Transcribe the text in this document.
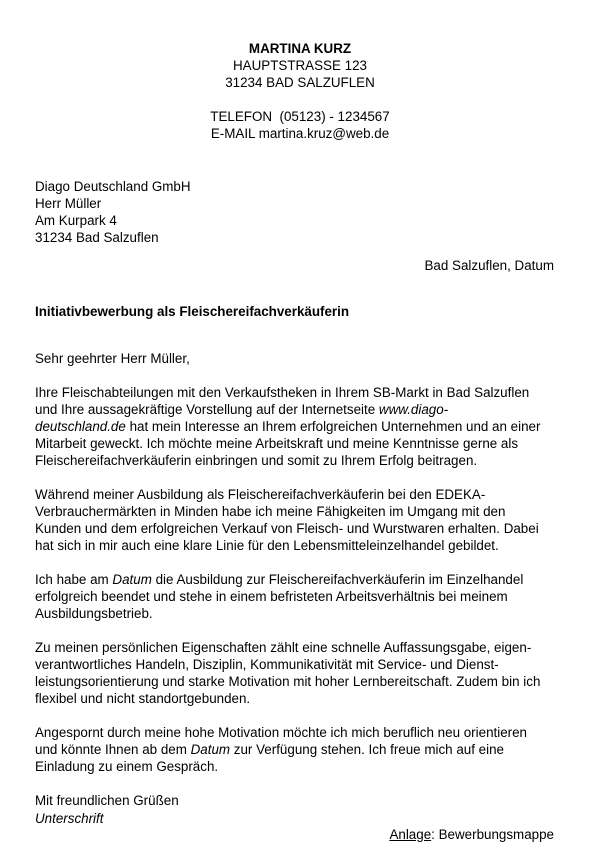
MARTINA KURZ
HAUPTSTRASSE 123
31234 BAD SALZUFLEN
TELEFON  (05123) - 1234567
E-MAIL martina.kruz@web.de
Diago Deutschland GmbH
Herr Müller
Am Kurpark 4
31234 Bad Salzuflen
Bad Salzuflen, Datum
Initiativbewerbung als Fleischereifachverkäuferin

Sehr geehrter Herr Müller,

Ihre Fleischabteilungen mit den Verkaufstheken in Ihrem SB-Markt in Bad Salzuflen
und Ihre aussagekräftige Vorstellung auf der Internetseite www.diago-
deutschland.de hat mein Interesse an Ihrem erfolgreichen Unternehmen und an einer
Mitarbeit geweckt. Ich möchte meine Arbeitskraft und meine Kenntnisse gerne als
Fleischereifachverkäuferin einbringen und somit zu Ihrem Erfolg beitragen.

Während meiner Ausbildung als Fleischereifachverkäuferin bei den EDEKA-
Verbrauchermärkten in Minden habe ich meine Fähigkeiten im Umgang mit den
Kunden und dem erfolgreichen Verkauf von Fleisch- und Wurstwaren erhalten. Dabei
hat sich in mir auch eine klare Linie für den Lebensmitteleinzelhandel gebildet.

Ich habe am Datum die Ausbildung zur Fleischereifachverkäuferin im Einzelhandel
erfolgreich beendet und stehe in einem befristeten Arbeitsverhältnis bei meinem
Ausbildungsbetrieb.

Zu meinen persönlichen Eigenschaften zählt eine schnelle Auffassungsgabe, eigen-
verantwortliches Handeln, Disziplin, Kommunikativität mit Service- und Dienst-
leistungsorientierung und starke Motivation mit hoher Lernbereitschaft. Zudem bin ich
flexibel und nicht standortgebunden.

Angespornt durch meine hohe Motivation möchte ich mich beruflich neu orientieren
und könnte Ihnen ab dem Datum zur Verfügung stehen. Ich freue mich auf eine
Einladung zu einem Gespräch.

Mit freundlichen Grüßen

Unterschrift
Anlage: Bewerbungsmappe
